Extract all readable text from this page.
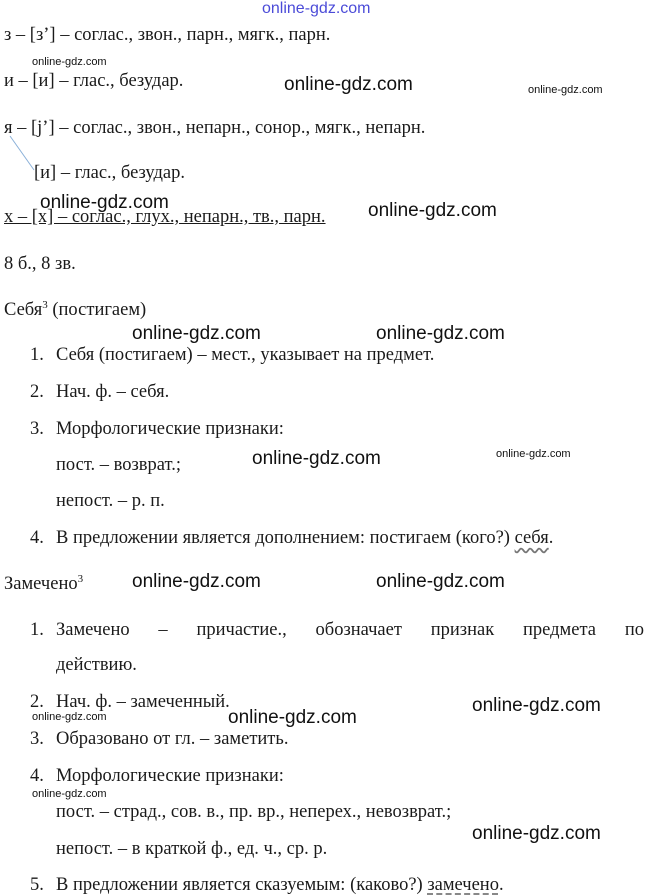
online-gdz.com
з – [з’] – соглас., звон., парн., мягк., парн.
и – [и] – глас., безудар.
я – [j’] – соглас., звон., непарн., сонор., мягк., непарн.
[и] – глас., безудар.
х – [х] – соглас., глух., непарн., тв., парн.
8 б., 8 зв.
Себя$^3$ (постигаем)
1. Себя (постигаем) – мест., указывает на предмет.
2. Нач. ф. – себя.
3. Морфологические признаки:
пост. – возврат.;
непост. – р. п.
4. В предложении является дополнением: постигаем (кого?) себя.
Замечено$^3$
1. Замечено – причастие., обозначает признак предмета по
действию.
2. Нач. ф. – замеченный.
3. Образовано от гл. – заметить.
4. Морфологические признаки:
пост. – страд., сов. в., пр. вр., неперех., невозврат.;
непост. – в краткой ф., ед. ч., ср. р.
5. В предложении является сказуемым: (каково?) замечено.
online-gdz.com
online-gdz.com	online-gdz.com
online-gdz.com	online-gdz.com
online-gdz.com	online-gdz.com
online-gdz.com	online-gdz.com
online-gdz.com	online-gdz.com
online-gdz.com
online-gdz.com	online-gdz.com
online-gdz.com
online-gdz.com
